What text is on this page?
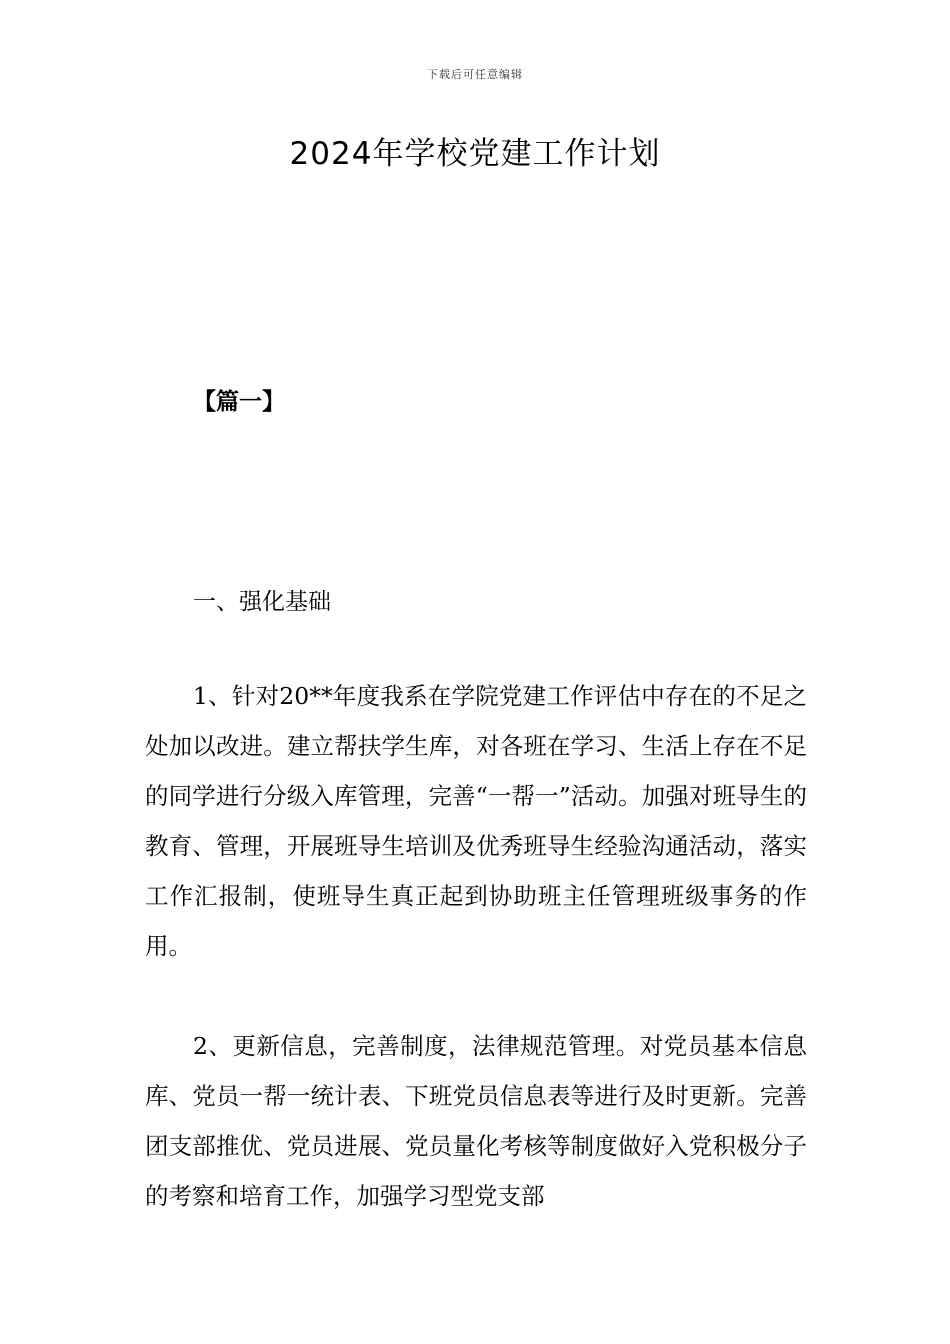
下载后可任意编辑
2024年学校党建工作计划
【篇一】
一、强化基础

1、针对20**年度我系在学院党建工作评估中存在的不足之处加以改进。建立帮扶学生库，对各班在学习、生活上存在不足的同学进行分级入库管理，完善“一帮一”活动。加强对班导生的教育、管理，开展班导生培训及优秀班导生经验沟通活动，落实工作汇报制，使班导生真正起到协助班主任管理班级事务的作用。

2、更新信息，完善制度，法律规范管理。对党员基本信息库、党员一帮一统计表、下班党员信息表等进行及时更新。完善团支部推优、党员进展、党员量化考核等制度做好入党积极分子的考察和培育工作，加强学习型党支部
